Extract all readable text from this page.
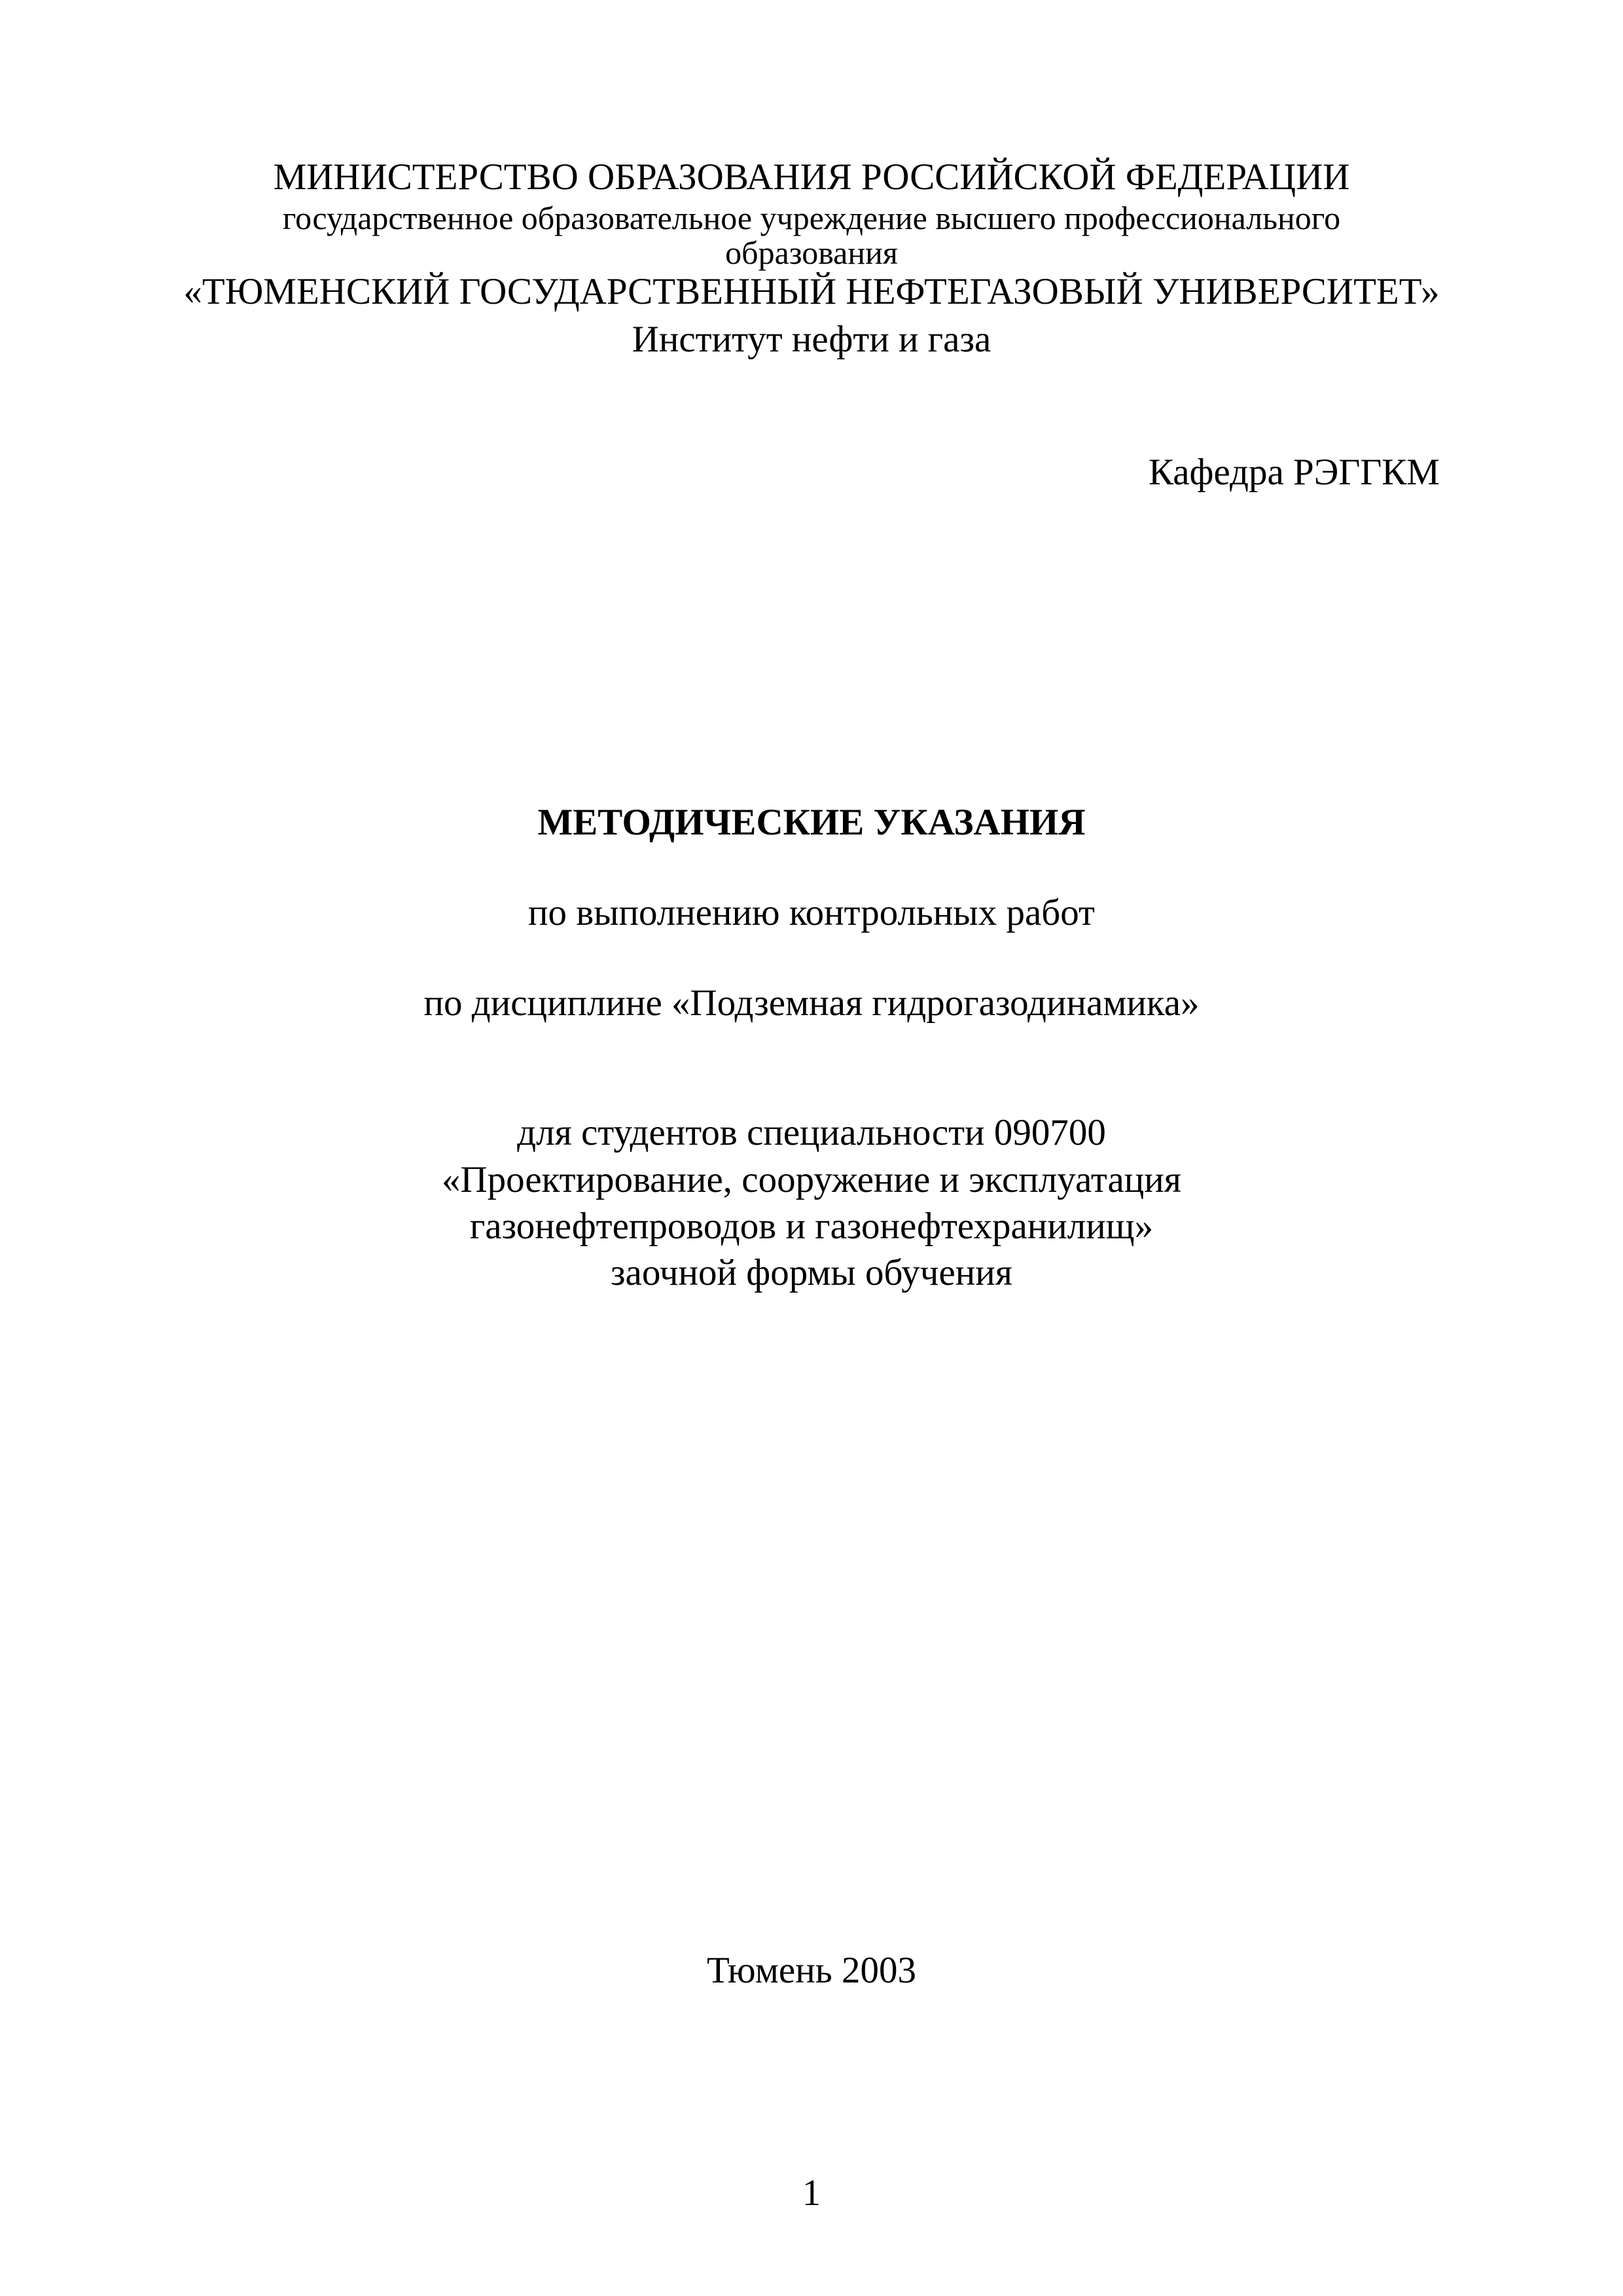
МИНИСТЕРСТВО ОБРАЗОВАНИЯ РОССИЙСКОЙ ФЕДЕРАЦИИ
государственное образовательное учреждение высшего профессионального
образования
«ТЮМЕНСКИЙ ГОСУДАРСТВЕННЫЙ НЕФТЕГАЗОВЫЙ УНИВЕРСИТЕТ»
Институт нефти и газа
Кафедра РЭГГКМ
МЕТОДИЧЕСКИЕ УКАЗАНИЯ
по выполнению контрольных работ
по дисциплине «Подземная гидрогазодинамика»
для студентов специальности 090700
«Проектирование, сооружение и эксплуатация
газонефтепроводов и газонефтехранилищ»
заочной формы обучения
Тюмень 2003
1
